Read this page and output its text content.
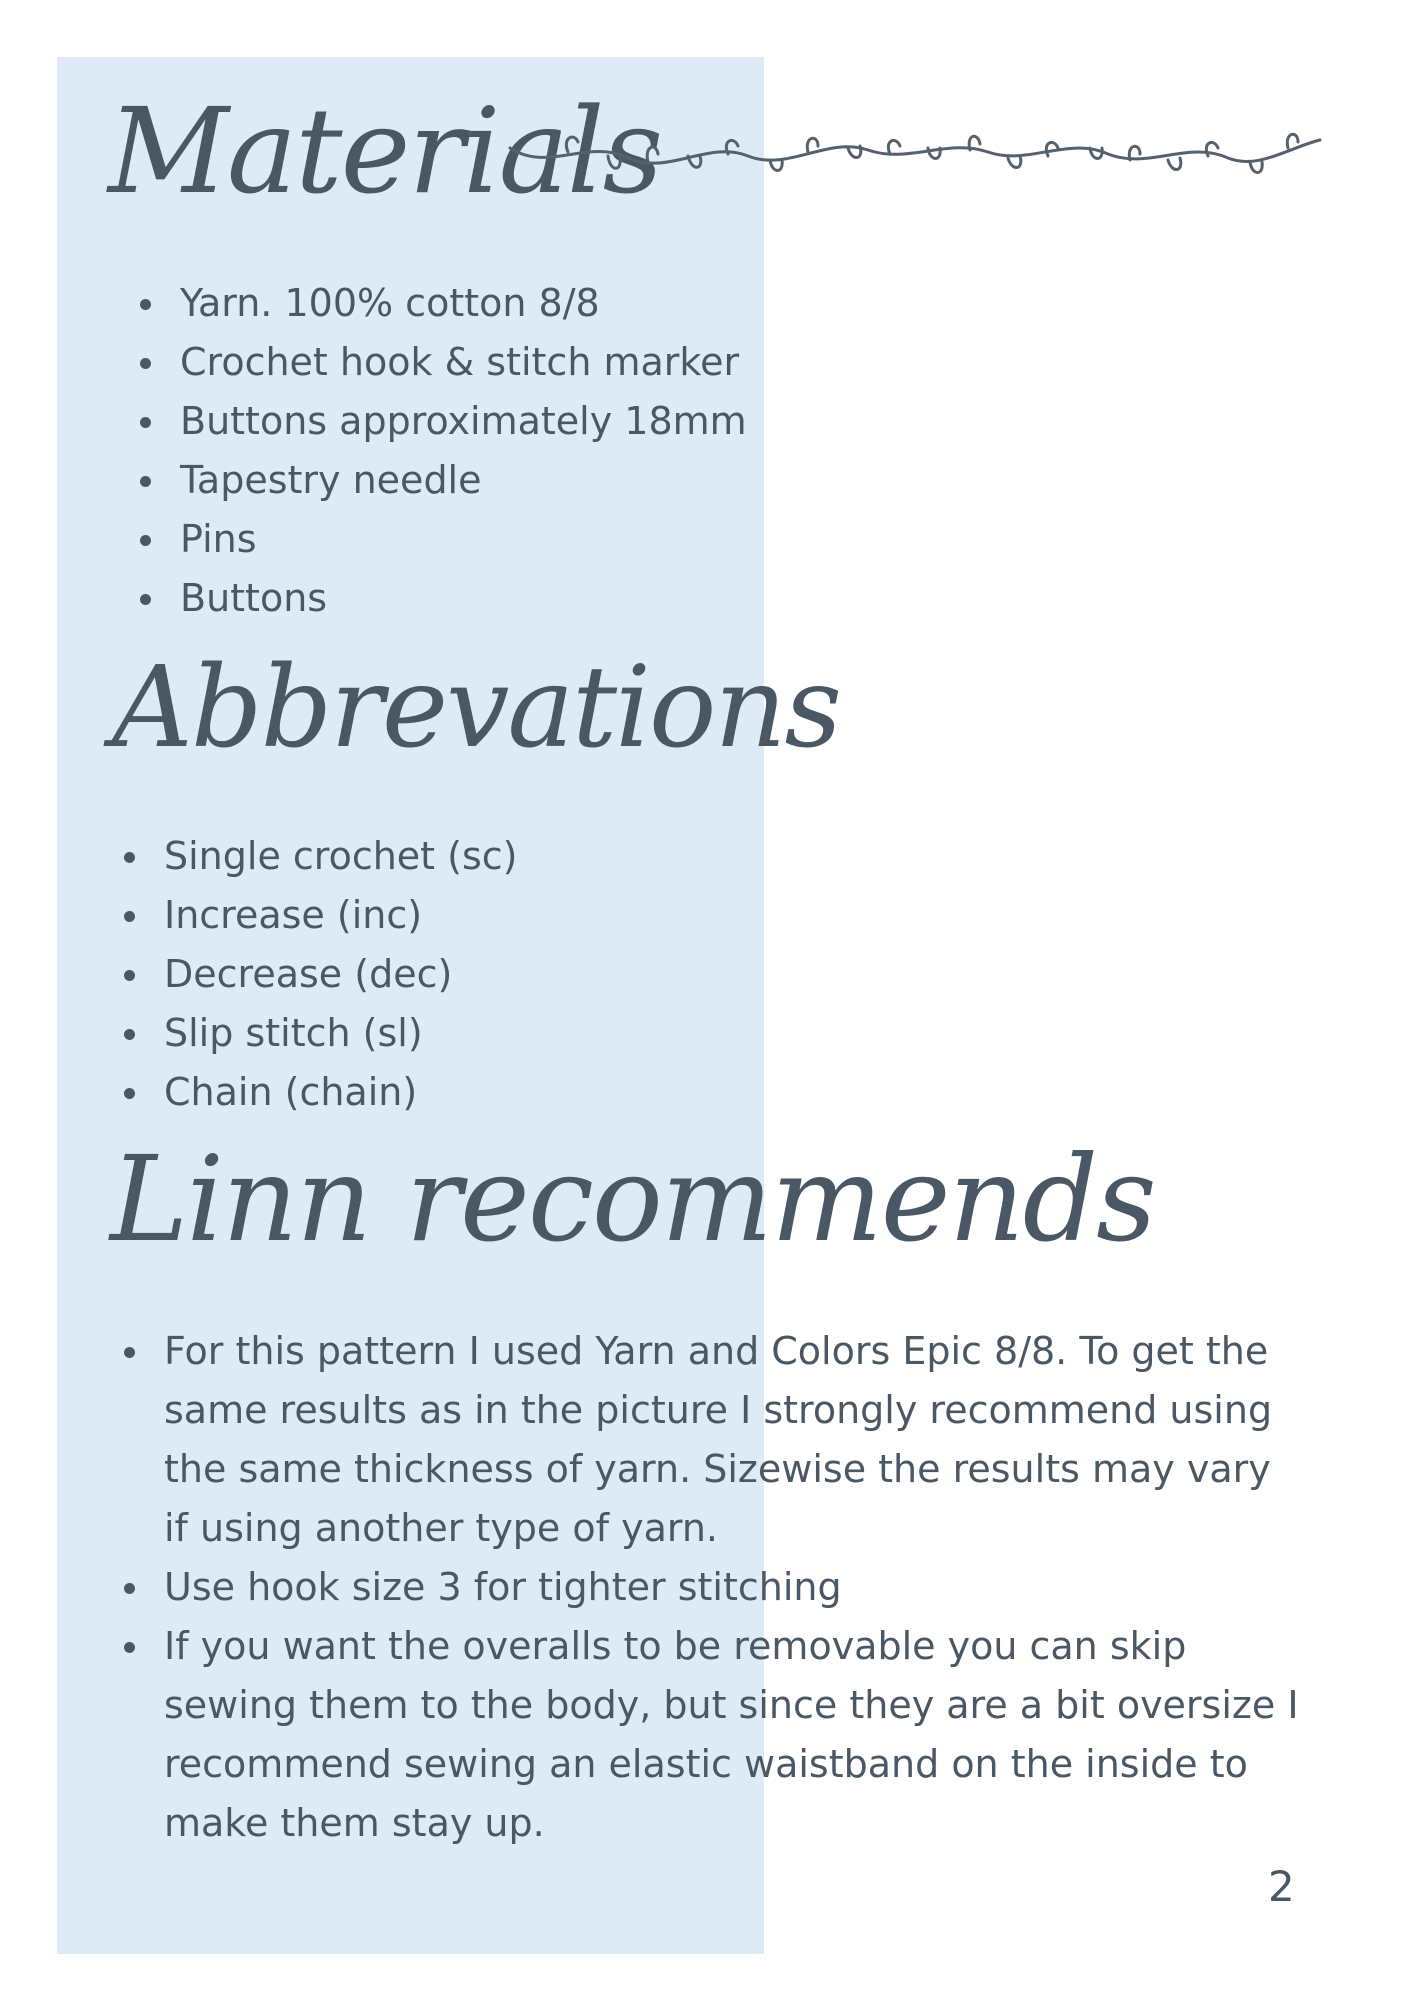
Materials
Yarn. 100% cotton 8/8
Crochet hook & stitch marker
Buttons approximately 18mm
Tapestry needle
Pins
Buttons
Abbrevations
Single crochet (sc)
Increase (inc)
Decrease (dec)
Slip stitch (sl)
Chain (chain)
Linn recommends
For this pattern I used Yarn and Colors Epic 8/8. To get the same results as in the picture I strongly recommend using the same thickness of yarn. Sizewise the results may vary if using another type of yarn.
Use hook size 3 for tighter stitching
If you want the overalls to be removable you can skip sewing them to the body, but since they are a bit oversize I recommend sewing an elastic waistband on the inside to make them stay up.
2
